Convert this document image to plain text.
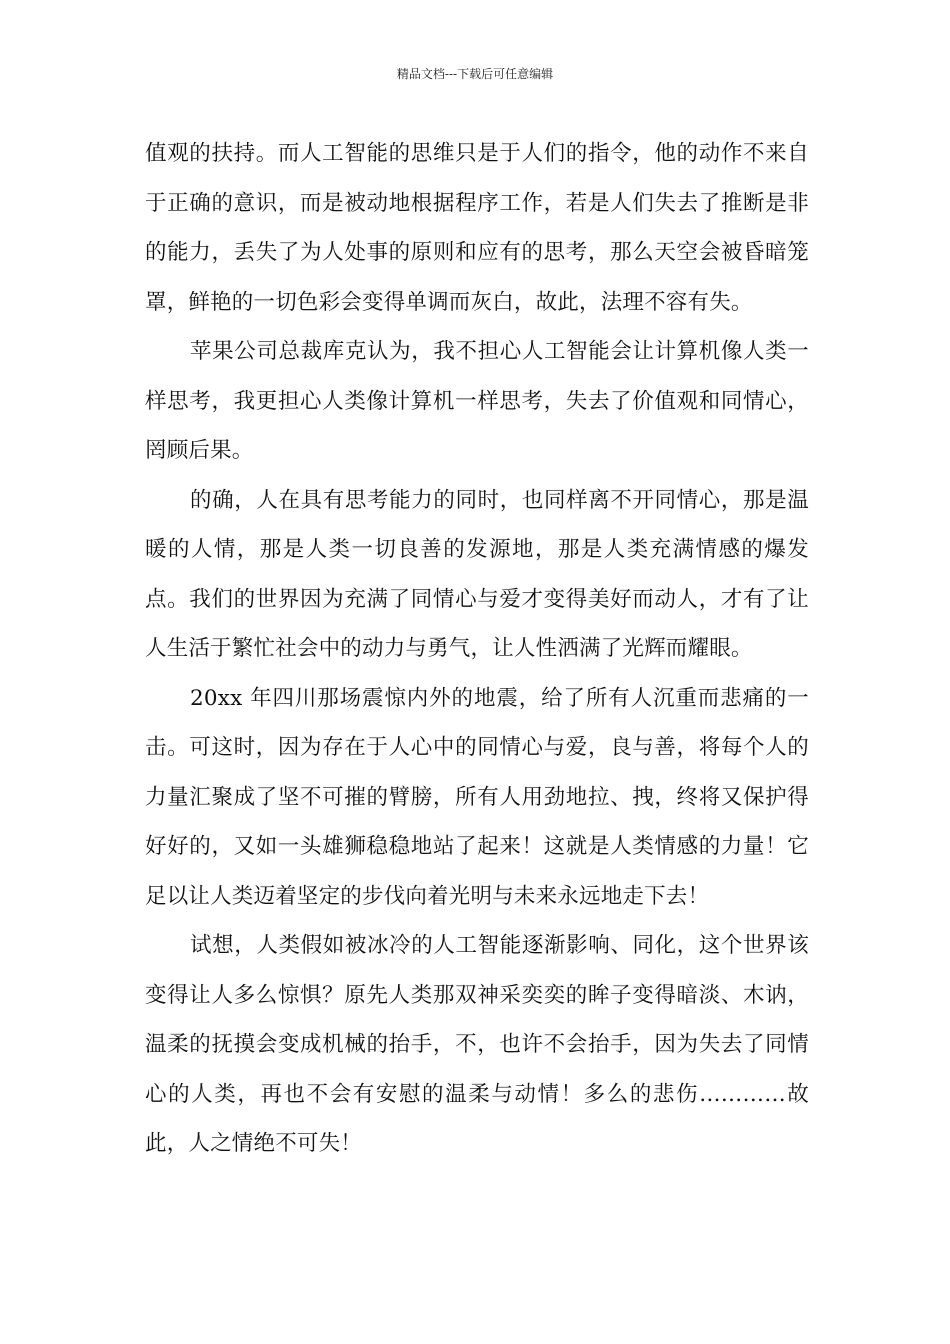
精品文档---下载后可任意编辑

值观的扶持。而人工智能的思维只是于人们的指令，他的动作不来自于正确的意识，而是被动地根据程序工作，若是人们失去了推断是非的能力，丢失了为人处事的原则和应有的思考，那么天空会被昏暗笼罩，鲜艳的一切色彩会变得单调而灰白，故此，法理不容有失。

苹果公司总裁库克认为，我不担心人工智能会让计算机像人类一样思考，我更担心人类像计算机一样思考，失去了价值观和同情心，罔顾后果。

的确，人在具有思考能力的同时，也同样离不开同情心，那是温暖的人情，那是人类一切良善的发源地，那是人类充满情感的爆发点。我们的世界因为充满了同情心与爱才变得美好而动人，才有了让人生活于繁忙社会中的动力与勇气，让人性洒满了光辉而耀眼。

20xx 年四川那场震惊内外的地震，给了所有人沉重而悲痛的一击。可这时，因为存在于人心中的同情心与爱，良与善，将每个人的力量汇聚成了坚不可摧的臂膀，所有人用劲地拉、拽，终将又保护得好好的，又如一头雄狮稳稳地站了起来！这就是人类情感的力量！它足以让人类迈着坚定的步伐向着光明与未来永远地走下去！

试想，人类假如被冰冷的人工智能逐渐影响、同化，这个世界该变得让人多么惊惧？原先人类那双神采奕奕的眸子变得暗淡、木讷，温柔的抚摸会变成机械的抬手，不，也许不会抬手，因为失去了同情心的人类，再也不会有安慰的温柔与动情！多么的悲伤…………故此，人之情绝不可失！
